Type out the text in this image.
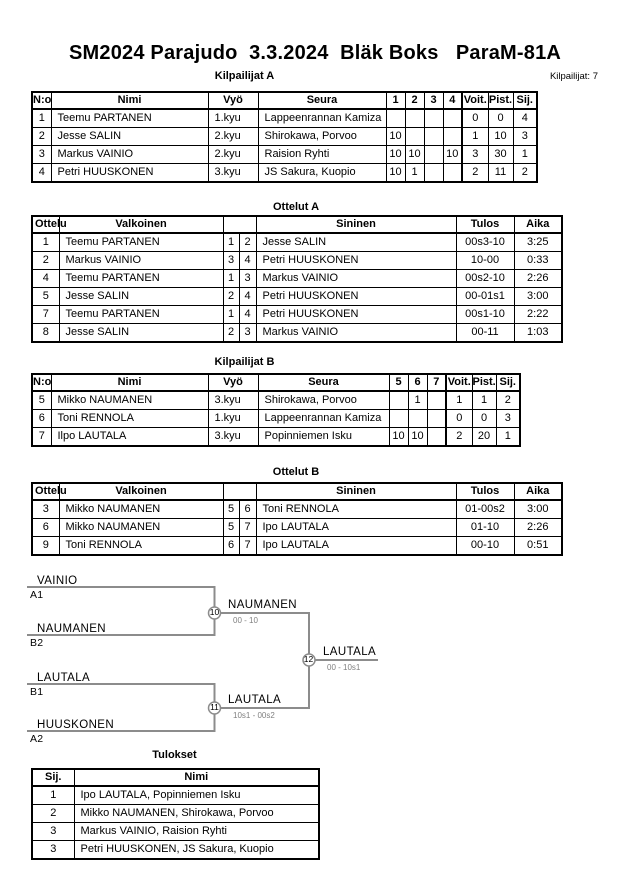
SM2024 Parajudo  3.3.2024  Bläk Boks   ParaM-81A
Kilpailijat A	Kilpailijat: 7
N:o	Nimi	Vyö	Seura	1	2	3	4	Voit.	Pist.	Sij.
1	Teemu PARTANEN	1.kyu	Lappeenrannan Kamiza					0	0	4
2	Jesse SALIN	2.kyu	Shirokawa, Porvoo	10				1	10	3
3	Markus VAINIO	2.kyu	Raision Ryhti	10	10		10	3	30	1
4	Petri HUUSKONEN	3.kyu	JS Sakura, Kuopio	10	1			2	11	2
Ottelut A
Ottelu	Valkoinen			Sininen	Tulos	Aika
1	Teemu PARTANEN	1	2	Jesse SALIN	00s3-10	3:25
2	Markus VAINIO	3	4	Petri HUUSKONEN	10-00	0:33
4	Teemu PARTANEN	1	3	Markus VAINIO	00s2-10	2:26
5	Jesse SALIN	2	4	Petri HUUSKONEN	00-01s1	3:00
7	Teemu PARTANEN	1	4	Petri HUUSKONEN	00s1-10	2:22
8	Jesse SALIN	2	3	Markus VAINIO	00-11	1:03
Kilpailijat B
N:o	Nimi	Vyö	Seura	5	6	7	Voit.	Pist.	Sij.
5	Mikko NAUMANEN	3.kyu	Shirokawa, Porvoo		1		1	1	2
6	Toni RENNOLA	1.kyu	Lappeenrannan Kamiza				0	0	3
7	Ilpo LAUTALA	3.kyu	Popinniemen Isku	10	10		2	20	1
Ottelut B
Ottelu	Valkoinen			Sininen	Tulos	Aika
3	Mikko NAUMANEN	5	6	Toni RENNOLA	01-00s2	3:00
6	Mikko NAUMANEN	5	7	Ipo LAUTALA	01-10	2:26
9	Toni RENNOLA	6	7	Ipo LAUTALA	00-10	0:51
VAINIO
A1
NAUMANEN
B2
LAUTALA
B1
HUUSKONEN
A2
10
NAUMANEN
00 - 10
11
LAUTALA
10s1 - 00s2
12
LAUTALA
00 - 10s1
Tulokset
Sij.	Nimi
1	Ipo LAUTALA, Popinniemen Isku
2	Mikko NAUMANEN, Shirokawa, Porvoo
3	Markus VAINIO, Raision Ryhti
3	Petri HUUSKONEN, JS Sakura, Kuopio
